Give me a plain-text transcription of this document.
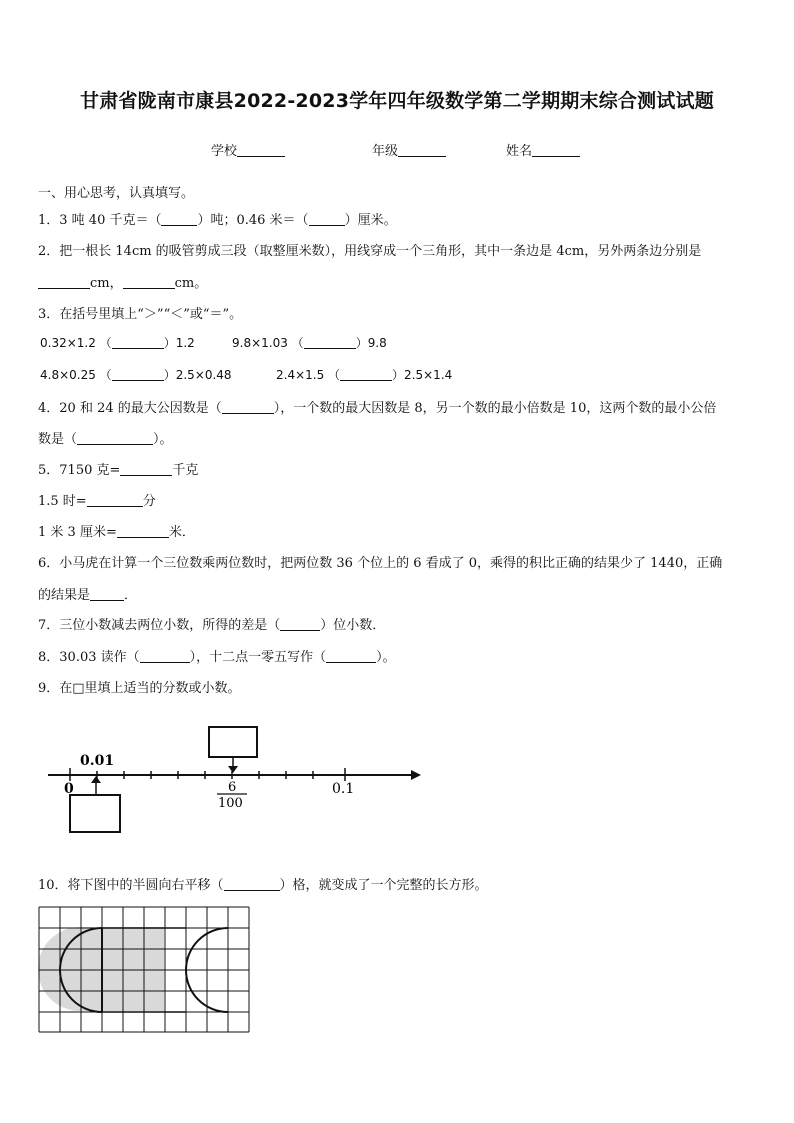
甘肃省陇南市康县2022-2023学年四年级数学第二学期期末综合测试试题
学校	年级	姓名
一、用心思考，认真填写。
1．3 吨 40 千克＝（	）吨；0.46 米＝（	）厘米。
2．把一根长 14cm 的吸管剪成三段（取整厘米数），用线穿成一个三角形，其中一条边是 4cm，另外两条边分别是
cm，	cm。
3．在括号里填上“＞”“＜”或“＝”。
0.32×1.2 （	）1.2	9.8×1.03 （	）9.8
4.8×0.25 （	）2.5×0.48	2.4×1.5 （	）2.5×1.4
4．20 和 24 的最大公因数是（	），一个数的最大因数是 8，另一个数的最小倍数是 10，这两个数的最小公倍
数是（	）。
5．7150 克=	千克
1.5 时=	分
1 米 3 厘米=	米．
6．小马虎在计算一个三位数乘两位数时，把两位数 36 个位上的 6 看成了 0，乘得的积比正确的结果少了 1440，正确
的结果是	．
7．三位小数减去两位小数，所得的差是（	）位小数．
8．30.03 读作（	），十二点一零五写作（	）。
9．在□里填上适当的分数或小数。
0.01
0	6
100
0.1
10．将下图中的半圆向右平移（	）格，就变成了一个完整的长方形。
